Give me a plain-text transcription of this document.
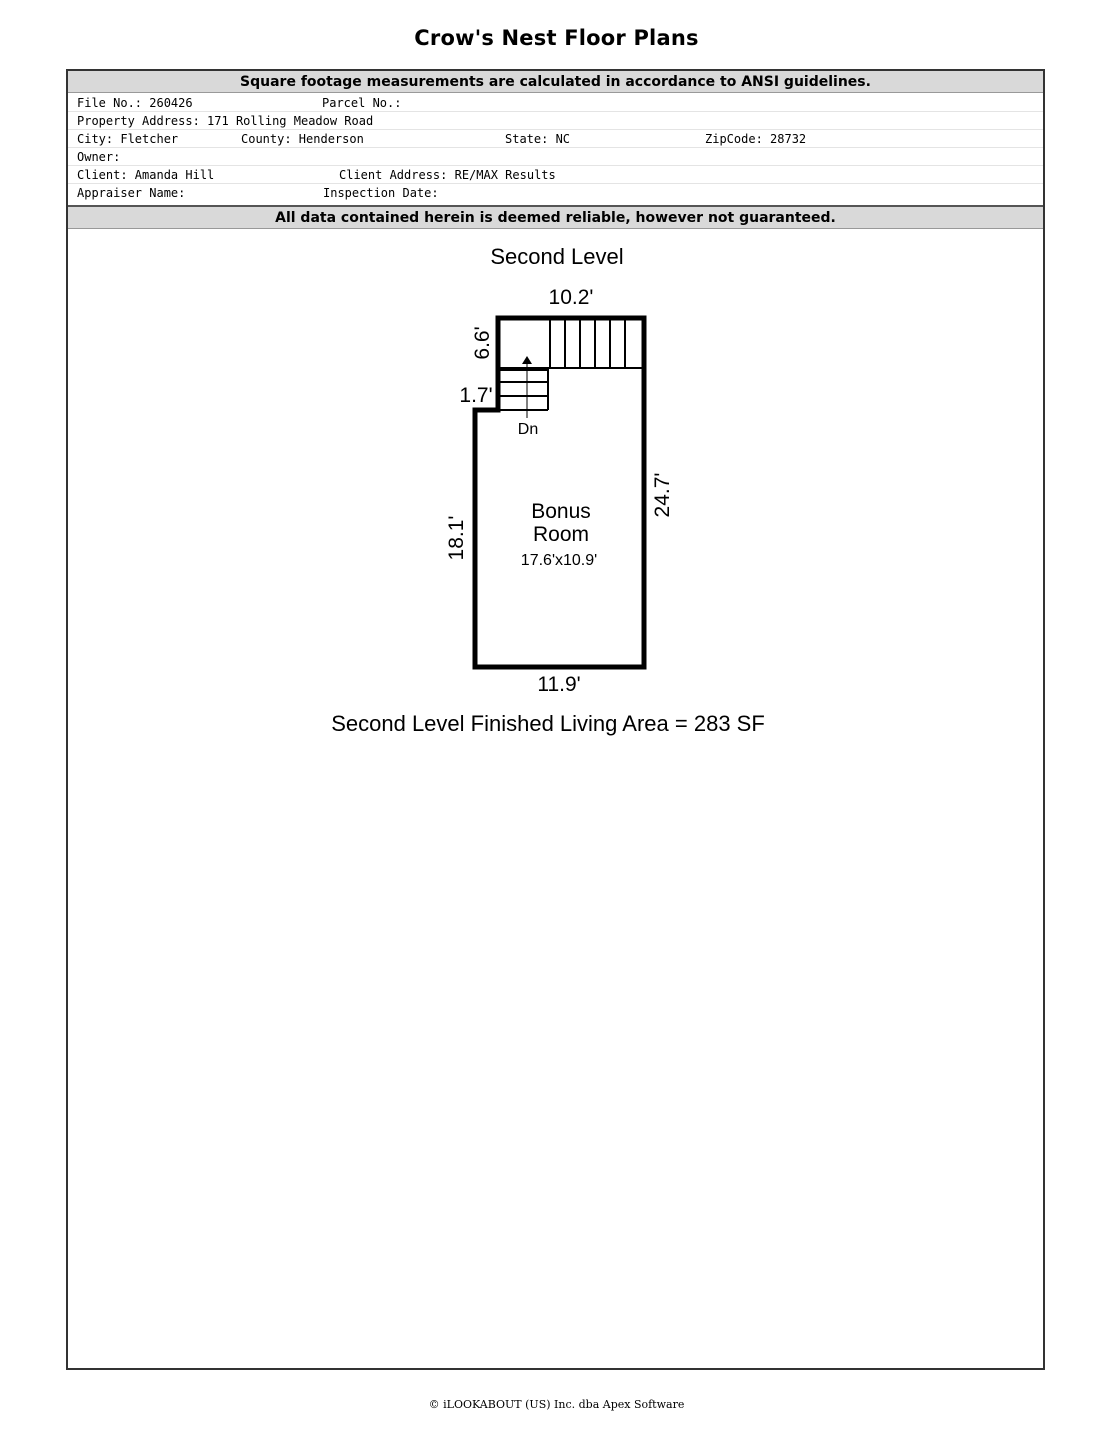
Crow's Nest Floor Plans
Square footage measurements are calculated in accordance to ANSI guidelines.
File No.: 260426	Parcel No.:
Property Address: 171 Rolling Meadow Road
City: Fletcher	County: Henderson	State: NC	ZipCode: 28732
Owner:
Client: Amanda Hill	Client Address: RE/MAX Results
Appraiser Name:	Inspection Date:
All data contained herein is deemed reliable, however not guaranteed.
Second Level
Dn
10.2'
6.6'
1.7'
24.7'
18.1'
11.9'
Bonus
Room
17.6'x10.9'
Second Level Finished Living Area = 283 SF
© iLOOKABOUT (US) Inc. dba Apex Software
